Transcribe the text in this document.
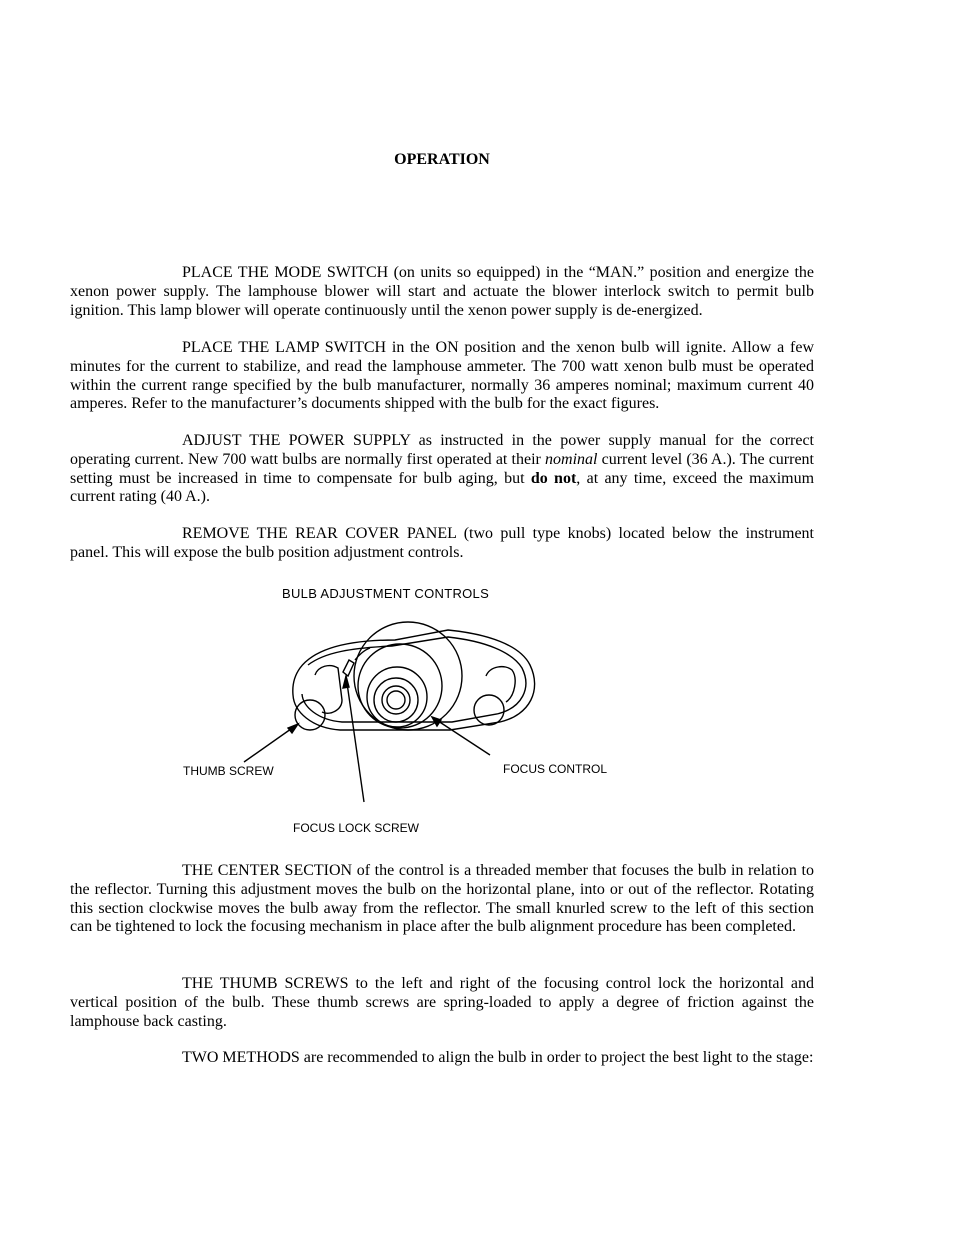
OPERATION

PLACE THE MODE SWITCH (on units so equipped) in the “MAN.” position and energize the xenon power supply. The lamphouse blower will start and actuate the blower interlock switch to permit bulb ignition. This lamp blower will operate continuously until the xenon power supply is de-energized.

PLACE THE LAMP SWITCH in the ON position and the xenon bulb will ignite. Allow a few minutes for the current to stabilize, and read the lamphouse ammeter. The 700 watt xenon bulb must be operated within the current range specified by the bulb manufacturer, normally 36 amperes nominal; maximum current 40 amperes. Refer to the manufacturer’s documents shipped with the bulb for the exact figures.

ADJUST THE POWER SUPPLY as instructed in the power supply manual for the correct operating current. New 700 watt bulbs are normally first operated at their nominal current level (36 A.). The current setting must be increased in time to compensate for bulb aging, but do not, at any time, exceed the maximum current rating (40 A.).

REMOVE THE REAR COVER PANEL (two pull type knobs) located below the instrument panel. This will expose the bulb position adjustment controls.

BULB ADJUSTMENT CONTROLS
THUMB SCREW	FOCUS CONTROL
FOCUS LOCK SCREW

THE CENTER SECTION of the control is a threaded member that focuses the bulb in relation to the reflector. Turning this adjustment moves the bulb on the horizontal plane, into or out of the reflector. Rotating this section clockwise moves the bulb away from the reflector. The small knurled screw to the left of this section can be tightened to lock the focusing mechanism in place after the bulb alignment procedure has been completed.

THE THUMB SCREWS to the left and right of the focusing control lock the horizontal and vertical position of the bulb. These thumb screws are spring-loaded to apply a degree of friction against the lamphouse back casting.

TWO METHODS are recommended to align the bulb in order to project the best light to the stage:
